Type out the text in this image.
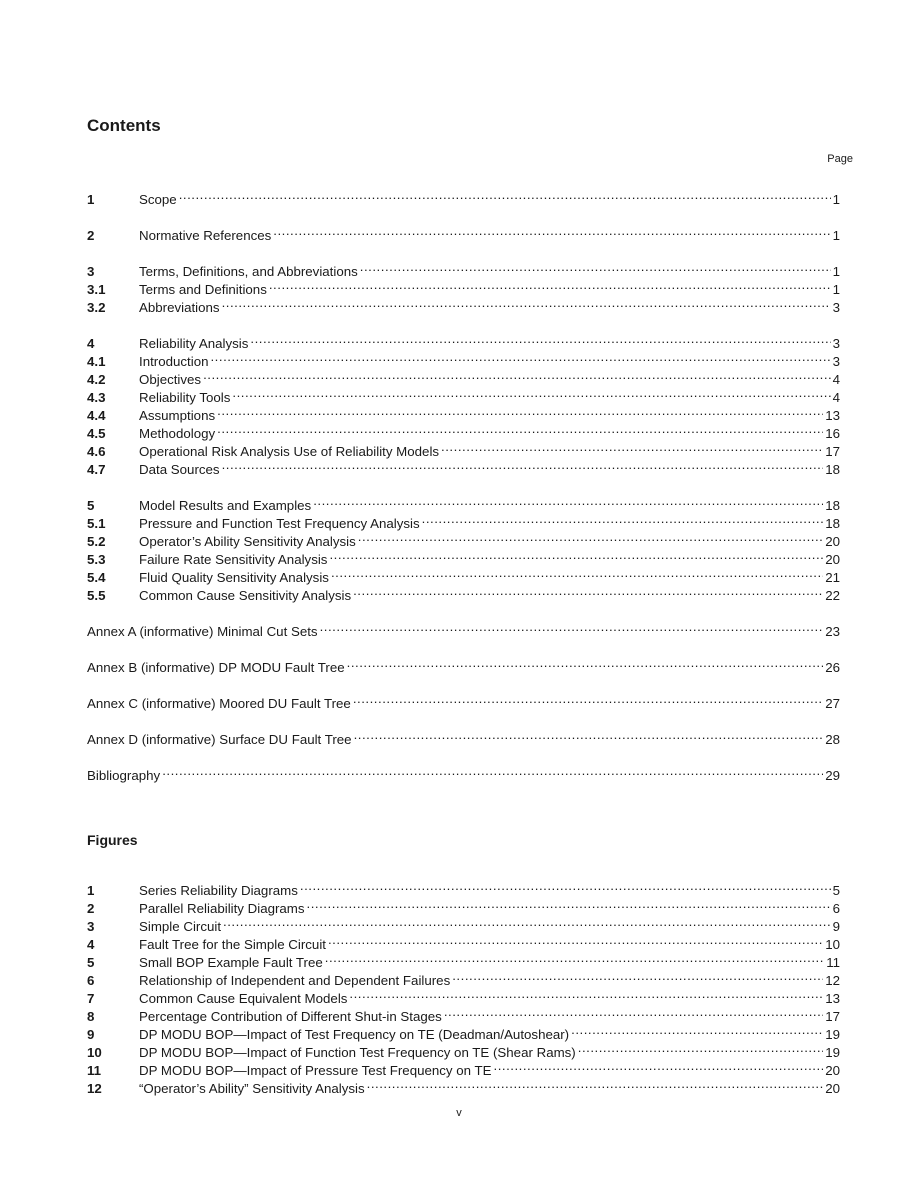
Contents
Page
1	Scope .....	1
2	Normative References .....	1
3	Terms, Definitions, and Abbreviations .....	1
3.1	Terms and Definitions .....	1
3.2	Abbreviations .....	3
4	Reliability Analysis .....	3
4.1	Introduction .....	3
4.2	Objectives .....	4
4.3	Reliability Tools .....	4
4.4	Assumptions .....	13
4.5	Methodology .....	16
4.6	Operational Risk Analysis Use of Reliability Models .....	17
4.7	Data Sources .....	18
5	Model Results and Examples .....	18
5.1	Pressure and Function Test Frequency Analysis .....	18
5.2	Operator’s Ability Sensitivity Analysis .....	20
5.3	Failure Rate Sensitivity Analysis .....	20
5.4	Fluid Quality Sensitivity Analysis .....	21
5.5	Common Cause Sensitivity Analysis .....	22
Annex A (informative) Minimal Cut Sets .....	23
Annex B (informative) DP MODU Fault Tree .....	26
Annex C (informative) Moored DU Fault Tree .....	27
Annex D (informative) Surface DU Fault Tree .....	28
Bibliography .....	29
Figures
1	Series Reliability Diagrams .....	5
2	Parallel Reliability Diagrams .....	6
3	Simple Circuit .....	9
4	Fault Tree for the Simple Circuit .....	10
5	Small BOP Example Fault Tree .....	11
6	Relationship of Independent and Dependent Failures .....	12
7	Common Cause Equivalent Models .....	13
8	Percentage Contribution of Different Shut-in Stages .....	17
9	DP MODU BOP—Impact of Test Frequency on TE (Deadman/Autoshear) .....	19
10	DP MODU BOP—Impact of Function Test Frequency on TE (Shear Rams) .....	19
11	DP MODU BOP—Impact of Pressure Test Frequency on TE .....	20
12	“Operator’s Ability” Sensitivity Analysis .....	20
v
